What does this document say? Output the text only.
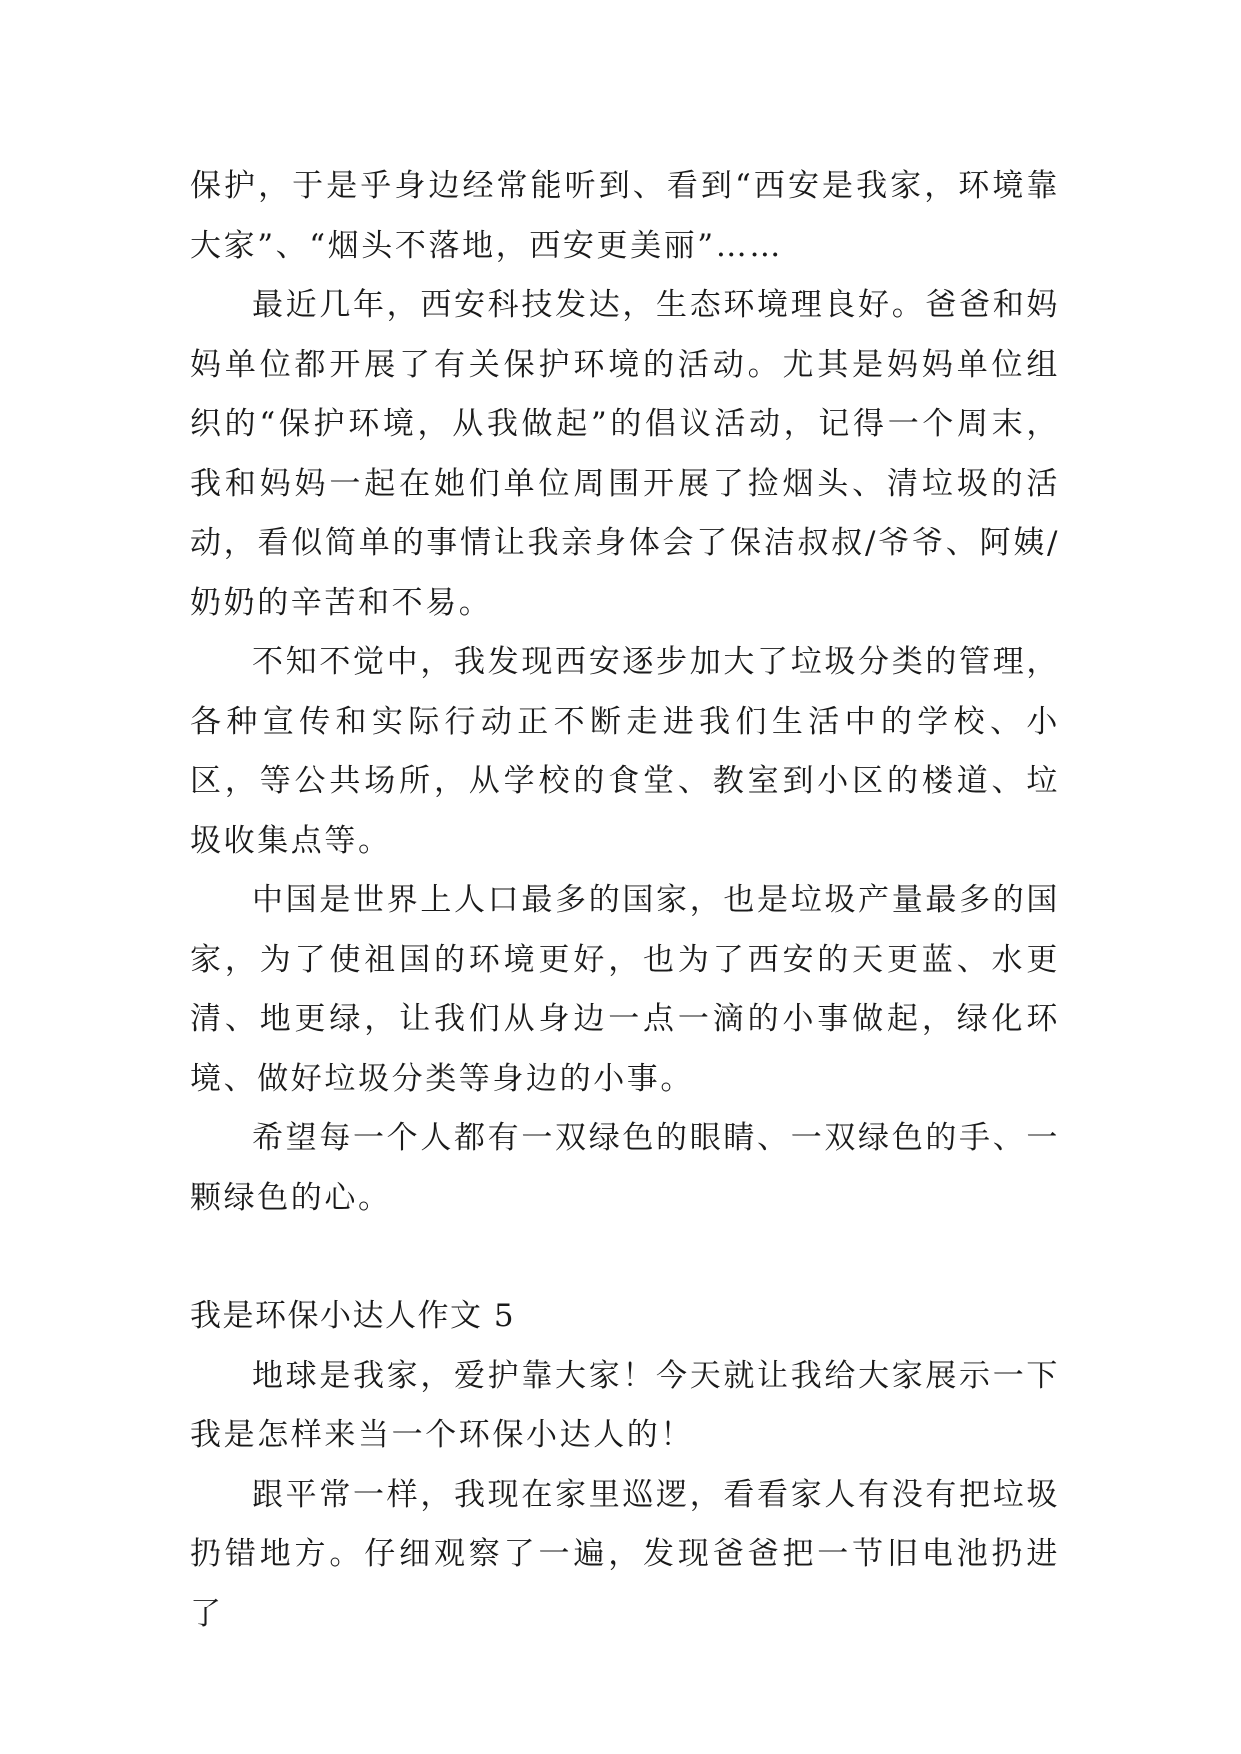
保护，于是乎身边经常能听到、看到“西安是我家，环境靠大家”、“烟头不落地，西安更美丽”……

最近几年，西安科技发达，生态环境理良好。爸爸和妈妈单位都开展了有关保护环境的活动。尤其是妈妈单位组织的“保护环境，从我做起”的倡议活动，记得一个周末，我和妈妈一起在她们单位周围开展了捡烟头、清垃圾的活动，看似简单的事情让我亲身体会了保洁叔叔/爷爷、阿姨/奶奶的辛苦和不易。

不知不觉中，我发现西安逐步加大了垃圾分类的管理，各种宣传和实际行动正不断走进我们生活中的学校、小区，等公共场所，从学校的食堂、教室到小区的楼道、垃圾收集点等。

中国是世界上人口最多的国家，也是垃圾产量最多的国家，为了使祖国的环境更好，也为了西安的天更蓝、水更清、地更绿，让我们从身边一点一滴的小事做起，绿化环境、做好垃圾分类等身边的小事。

希望每一个人都有一双绿色的眼睛、一双绿色的手、一颗绿色的心。

我是环保小达人作文 5

地球是我家，爱护靠大家！今天就让我给大家展示一下我是怎样来当一个环保小达人的！

跟平常一样，我现在家里巡逻，看看家人有没有把垃圾扔错地方。仔细观察了一遍，发现爸爸把一节旧电池扔进了
